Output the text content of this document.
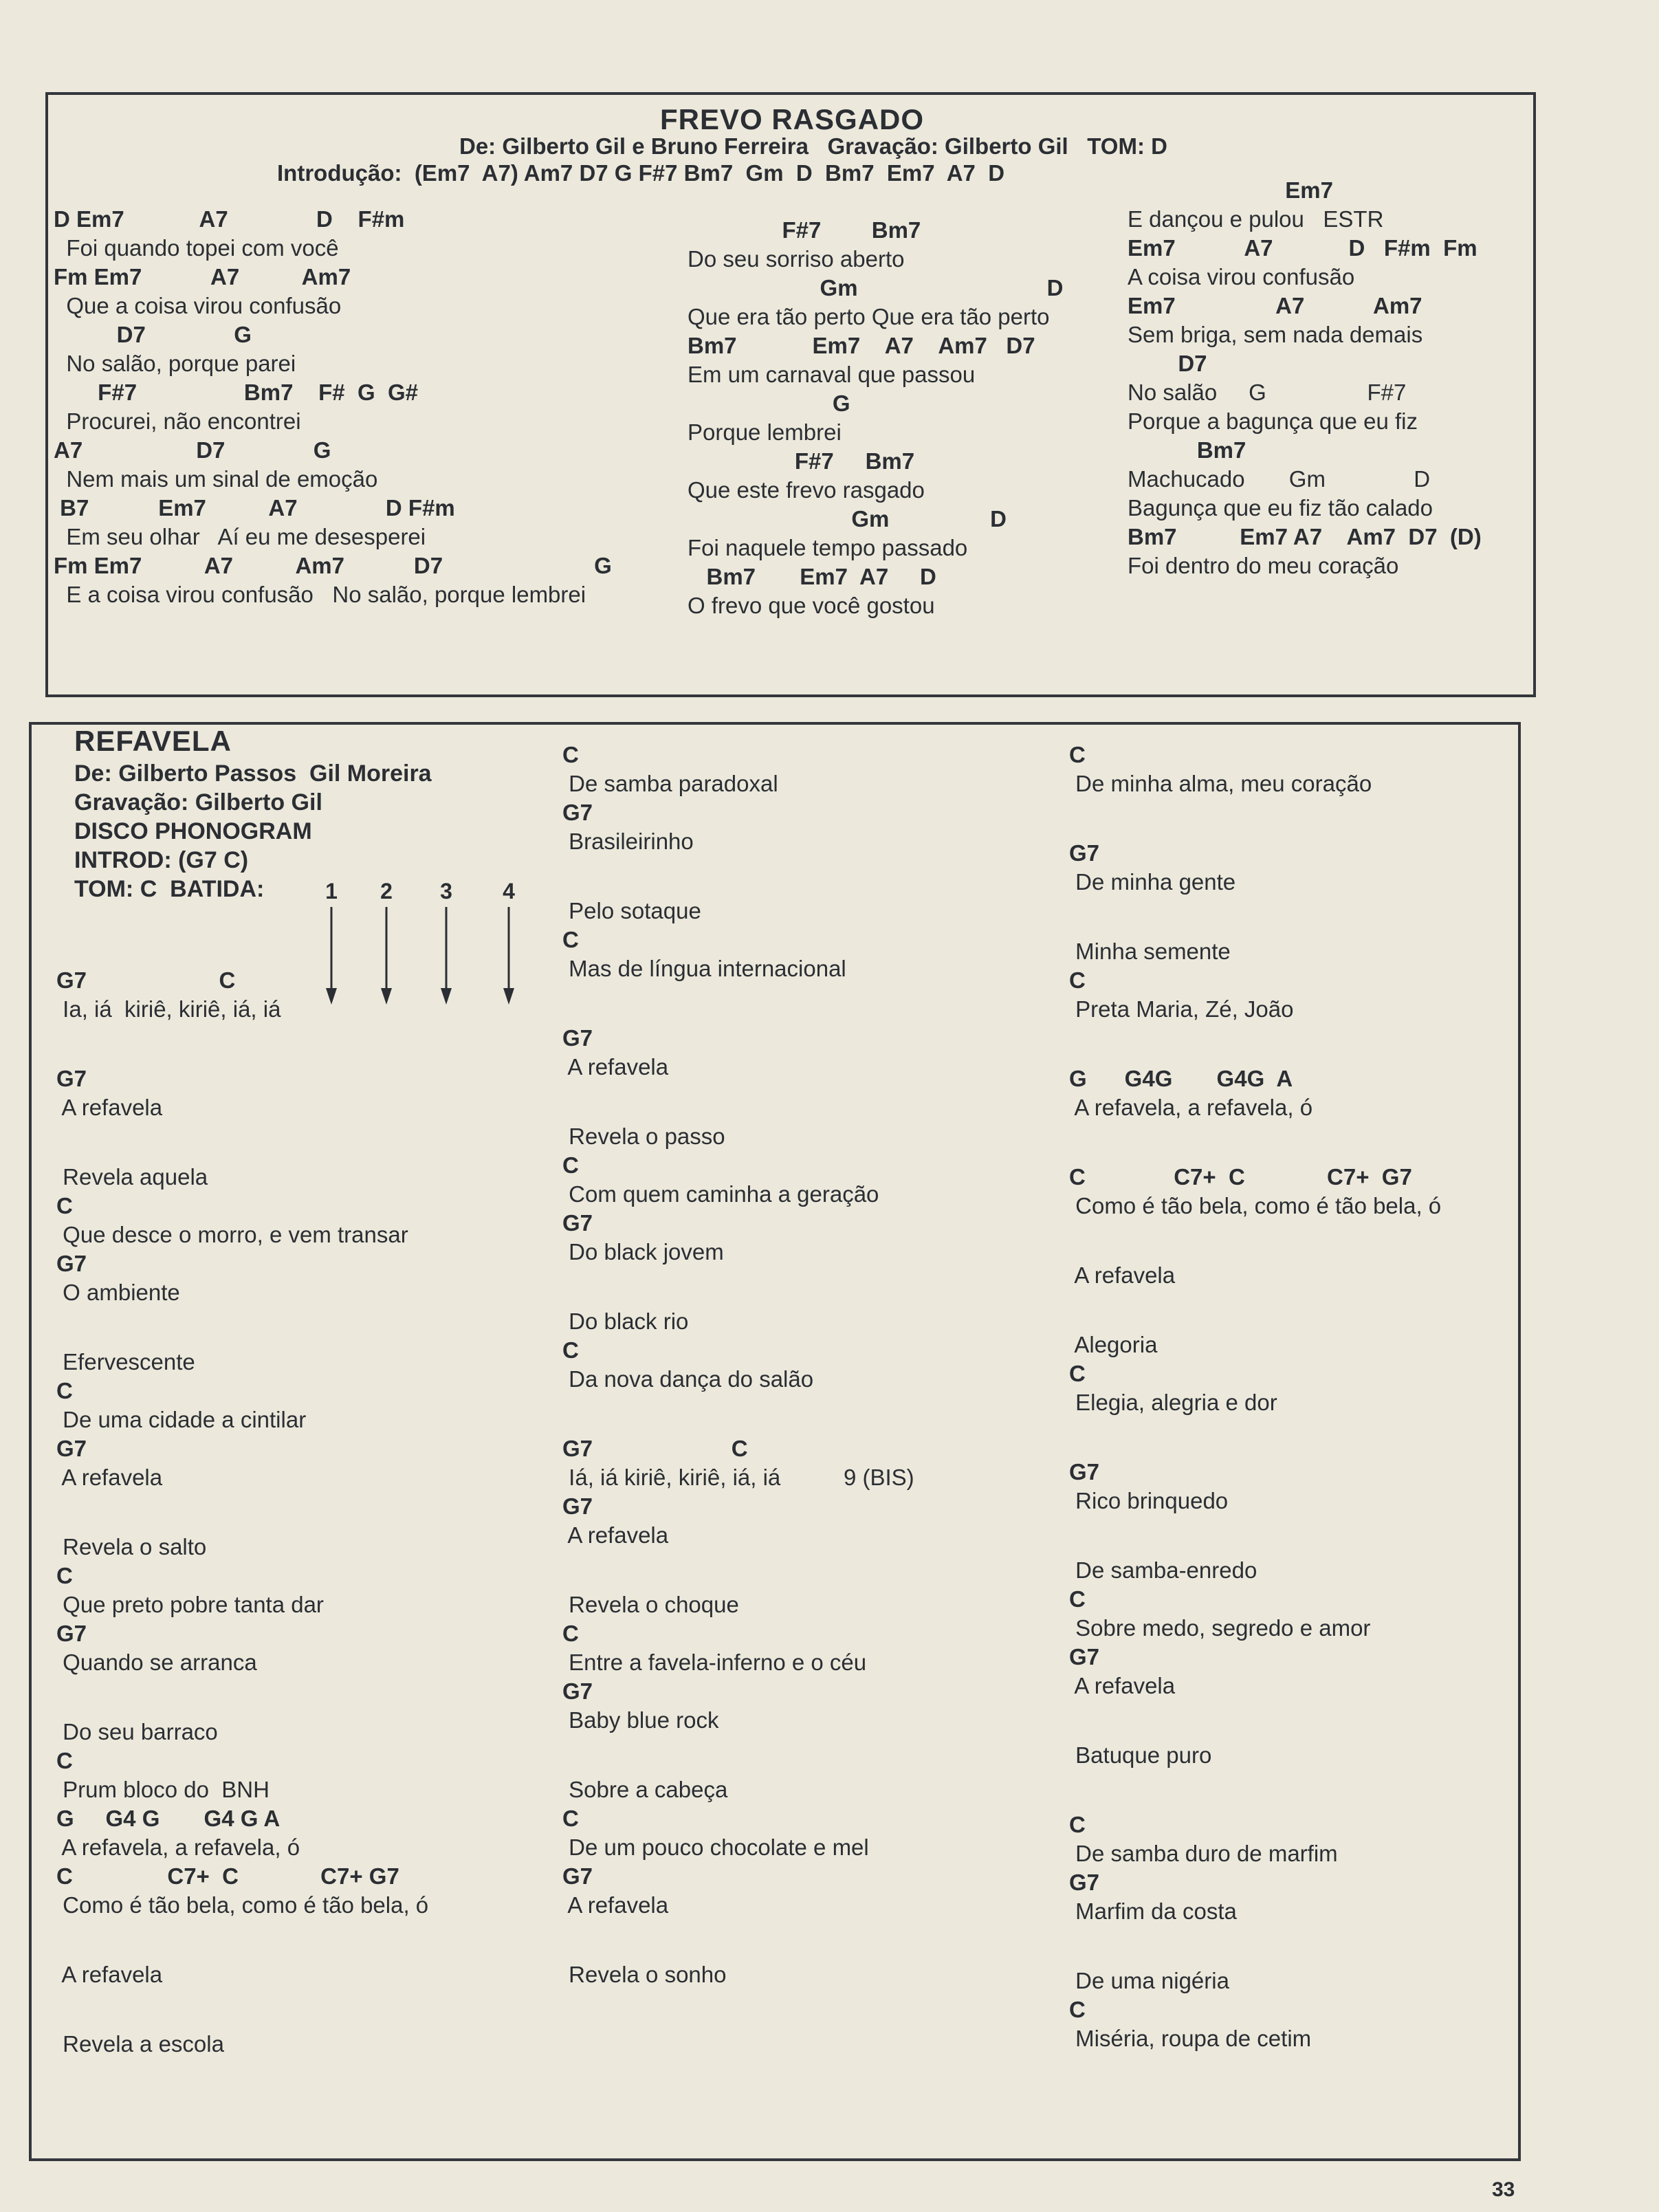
FREVO RASGADO
De: Gilberto Gil e Bruno Ferreira   Gravação: Gilberto Gil   TOM: D
Introdução:  (Em7  A7) Am7 D7 G F#7 Bm7  Gm  D  Bm7  Em7  A7  D
D Em7            A7              D    F#m
Foi quando topei com você
Fm Em7           A7          Am7
Que a coisa virou confusão
D7              G
No salão, porque parei
F#7                 Bm7    F#  G  G#
Procurei, não encontrei
A7                  D7              G
Nem mais um sinal de emoção
B7           Em7          A7              D F#m
Em seu olhar   Aí eu me desesperei
Fm Em7          A7          Am7           D7                        G
E a coisa virou confusão   No salão, porque lembrei
F#7        Bm7
Do seu sorriso aberto
Gm                              D
Que era tão perto Que era tão perto
Bm7            Em7    A7    Am7   D7
Em um carnaval que passou
G
Porque lembrei
F#7     Bm7
Que este frevo rasgado
Gm                D
Foi naquele tempo passado
Bm7       Em7  A7     D
O frevo que você gostou
Em7
E dançou e pulou   ESTR
Em7           A7            D   F#m  Fm
A coisa virou confusão
Em7                A7           Am7
Sem briga, sem nada demais
D7
No salão     G                F#7
Porque a bagunça que eu fiz
Bm7
Machucado       Gm              D
Bagunça que eu fiz tão calado
Bm7          Em7 A7    Am7  D7  (D)
Foi dentro do meu coração
REFAVELA
De: Gilberto Passos  Gil Moreira
Gravação: Gilberto Gil
DISCO PHONOGRAM
INTROD: (G7 C)
TOM: C  BATIDA:	1	2	3	4
G7                     C
Ia, iá  kiriê, kiriê, iá, iá
G7
A refavela
Revela aquela
C
Que desce o morro, e vem transar
G7
O ambiente
Efervescente
C
De uma cidade a cintilar
G7
A refavela
Revela o salto
C
Que preto pobre tanta dar
G7
Quando se arranca
Do seu barraco
C
Prum bloco do  BNH
G     G4 G       G4 G A
A refavela, a refavela, ó
C               C7+  C             C7+ G7
Como é tão bela, como é tão bela, ó
A refavela
Revela a escola
C
De samba paradoxal
G7
Brasileirinho
Pelo sotaque
C
Mas de língua internacional
G7
A refavela
Revela o passo
C
Com quem caminha a geração
G7
Do black jovem
Do black rio
C
Da nova dança do salão
G7                      C
Iá, iá kiriê, kiriê, iá, iá          9 (BIS)
G7
A refavela
Revela o choque
C
Entre a favela-inferno e o céu
G7
Baby blue rock
Sobre a cabeça
C
De um pouco chocolate e mel
G7
A refavela
Revela o sonho
C
De minha alma, meu coração
G7
De minha gente
Minha semente
C
Preta Maria, Zé, João
G      G4G       G4G  A
A refavela, a refavela, ó
C              C7+  C             C7+  G7
Como é tão bela, como é tão bela, ó
A refavela
Alegoria
C
Elegia, alegria e dor
G7
Rico brinquedo
De samba-enredo
C
Sobre medo, segredo e amor
G7
A refavela
Batuque puro
C
De samba duro de marfim
G7
Marfim da costa
De uma nigéria
C
Miséria, roupa de cetim
33
